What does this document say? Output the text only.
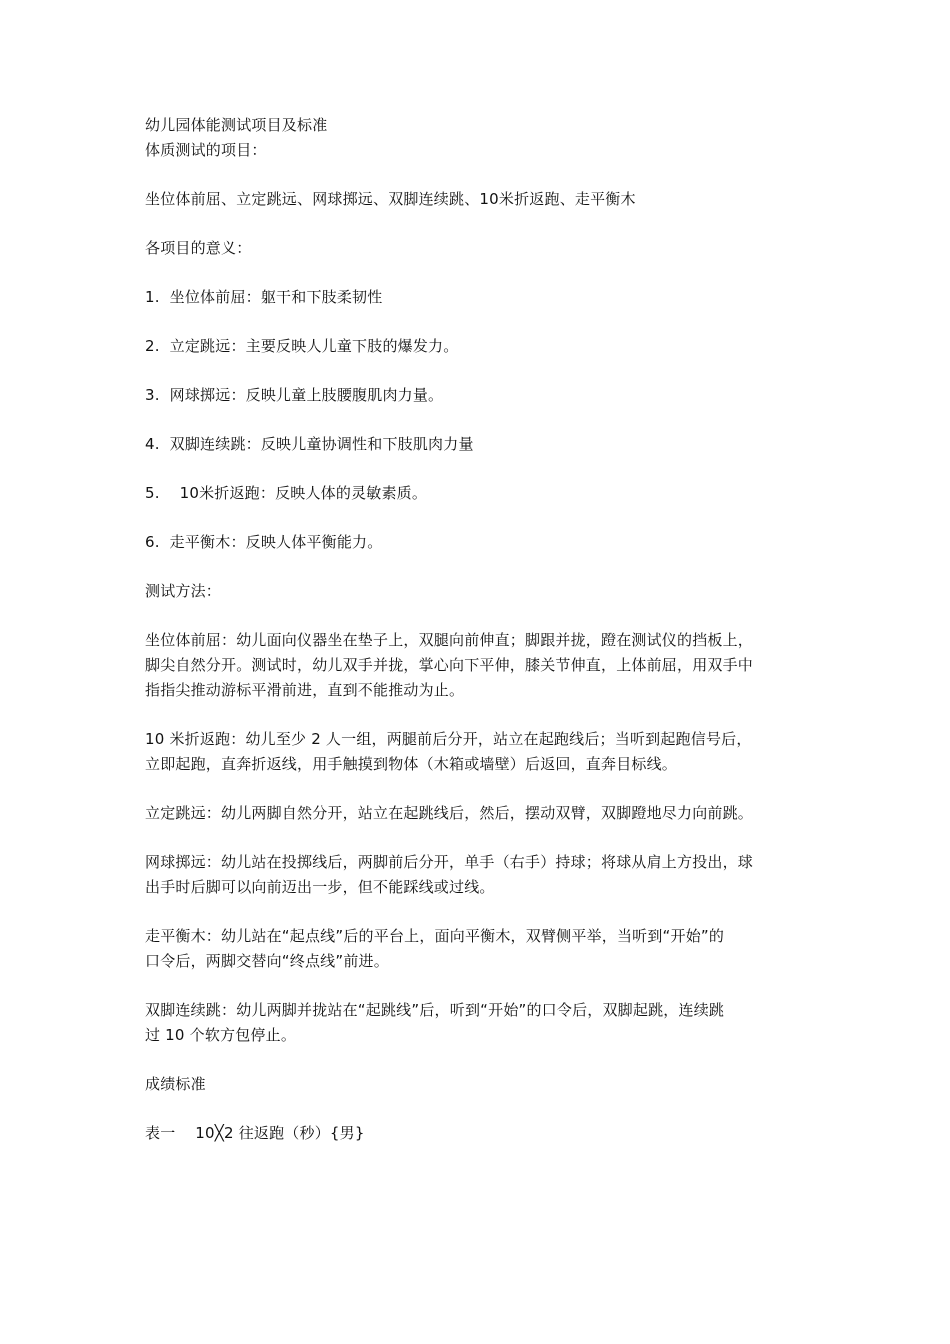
幼儿园体能测试项目及标准
体质测试的项目：
坐位体前屈、立定跳远、网球掷远、双脚连续跳、10米折返跑、走平衡木
各项目的意义：
1.  坐位体前屈：躯干和下肢柔韧性
2.  立定跳远：主要反映人儿童下肢的爆发力。
3.  网球掷远：反映儿童上肢腰腹肌肉力量。
4.  双脚连续跳：反映儿童协调性和下肢肌肉力量
5.    10米折返跑：反映人体的灵敏素质。
6.  走平衡木：反映人体平衡能力。
测试方法：
坐位体前屈：幼儿面向仪器坐在垫子上，双腿向前伸直；脚跟并拢，蹬在测试仪的挡板上，
脚尖自然分开。测试时，幼儿双手并拢，掌心向下平伸，膝关节伸直，上体前屈，用双手中
指指尖推动游标平滑前进，直到不能推动为止。
10 米折返跑：幼儿至少 2 人一组，两腿前后分开，站立在起跑线后；当听到起跑信号后，
立即起跑，直奔折返线，用手触摸到物体（木箱或墙壁）后返回，直奔目标线。
立定跳远：幼儿两脚自然分开，站立在起跳线后，然后，摆动双臂，双脚蹬地尽力向前跳。
网球掷远：幼儿站在投掷线后，两脚前后分开，单手（右手）持球；将球从肩上方投出，球
出手时后脚可以向前迈出一步，但不能踩线或过线。
走平衡木：幼儿站在“起点线”后的平台上，面向平衡木，双臂侧平举，当听到“开始”的
口令后，两脚交替向“终点线”前进。
双脚连续跳：幼儿两脚并拢站在“起跳线”后，听到“开始”的口令后，双脚起跳，连续跳
过 10 个软方包停止。
成绩标准
表一    10╳2 往返跑（秒）{男}
